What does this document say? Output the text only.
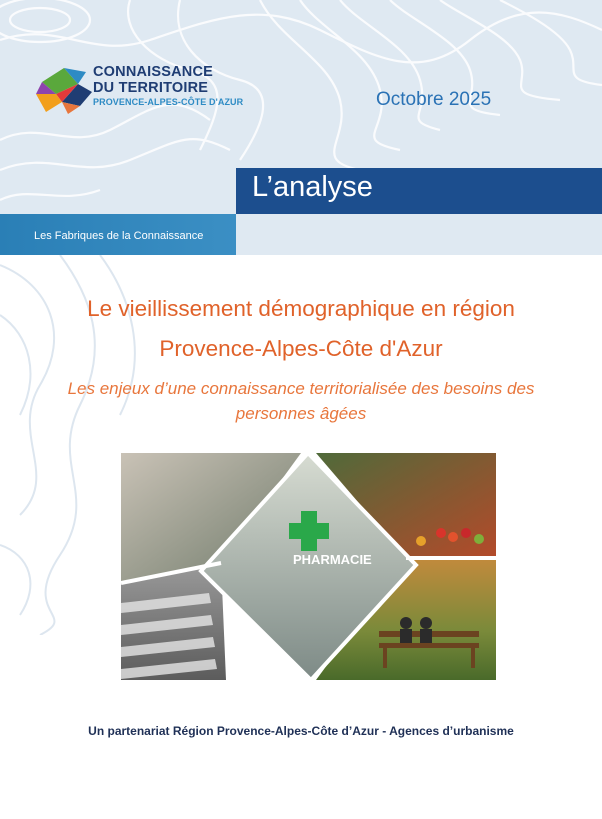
CONNAISSANCE
DU TERRITOIRE
PROVENCE-ALPES-CÔTE D'AZUR	Octobre 2025
L’analyse
Les Fabriques de la Connaissance
Le vieillissement démographique en région
Provence-Alpes-Côte d'Azur
Les enjeux d’une connaissance territorialisée des besoins des
personnes âgées
PHARMACIE
Un partenariat Région Provence-Alpes-Côte d’Azur - Agences d’urbanisme
